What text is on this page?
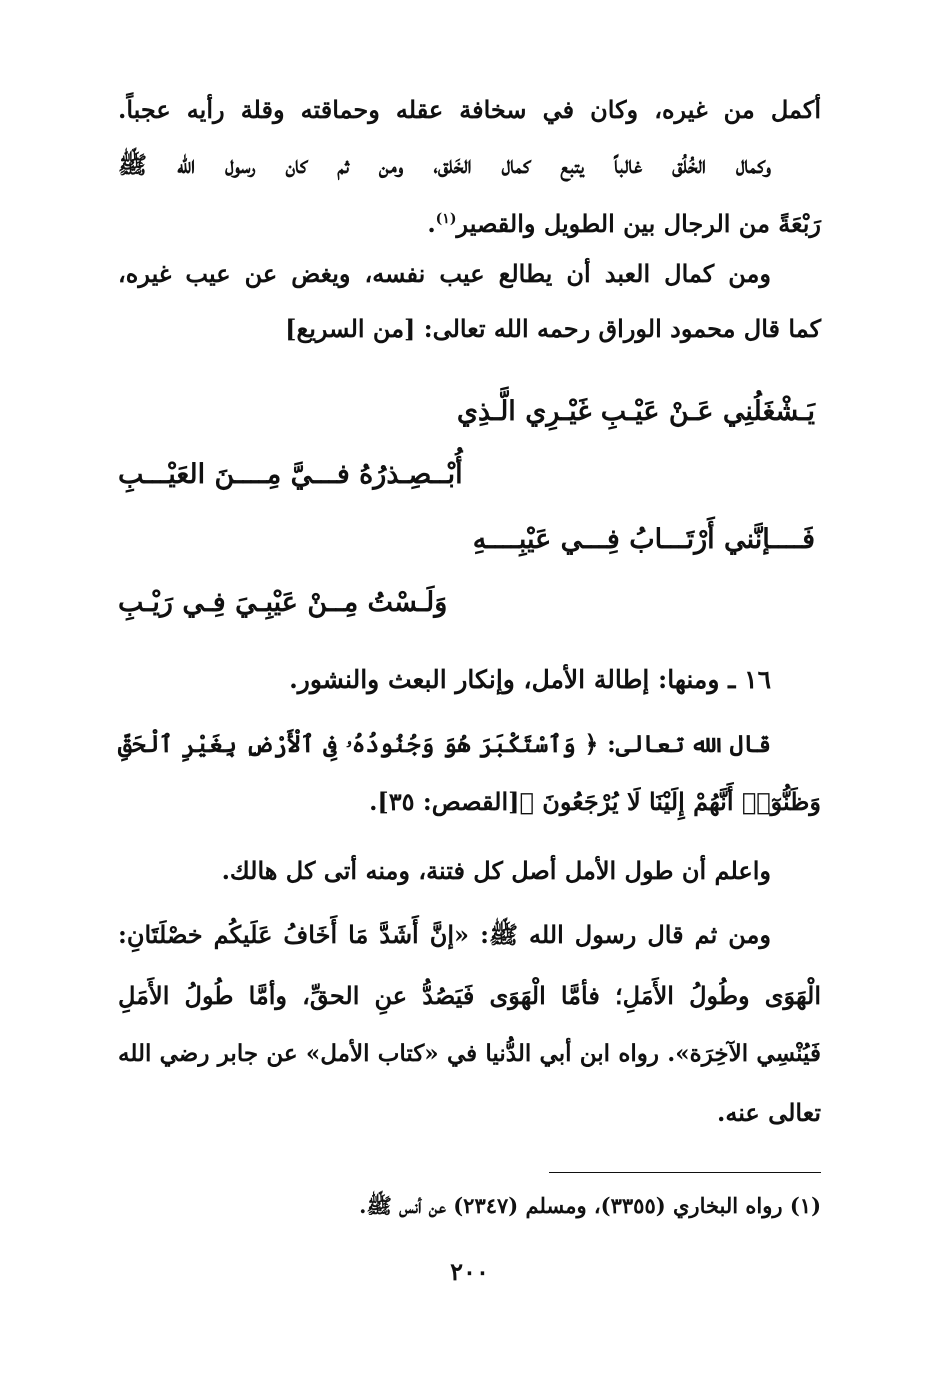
أكمل من غيره، وكان في سخافة عقله وحماقته وقلة رأيه عجباً.
وكمال الخُلُق غالباً يتبع كمال الخَلق، ومن ثم كان رسول الله ﷺ
رَبْعَةً من الرجال بين الطويل والقصير$^{(١)}$.
ومن كمال العبد أن يطالع عيب نفسه، ويغض عن عيب غيره،
كما قال محمود الوراق رحمه الله تعالى: [من السريع]
يَـشْغَلُنِي عَـنْ عَيْـبِ غَيْـرِي الَّـذِي
أُبْــصِـذرُهُ فـــيَّ مِــــنَ العَيْـــبِ
فَــــإنَّني أَرْتَـــابُ فِـــي عَيْبِــــهِ
وَلَـسْتُ مِــنْ عَيْبِـيَ فِـي رَيْـبِ
١٦ ـ ومنها: إطالة الأمل، وإنكار البعث والنشور.
قال الله تعالى: ﴿ وَٱسْتَكْبَرَ هُوَ وَجُنُودُهُۥ فِى ٱلْأَرْضِ بِغَيْرِ ٱلْحَقِّ
وَظَنُّوٓا۟ أَنَّهُمْ إِلَيْنَا لَا يُرْجَعُونَ ﴾[القصص: ٣٥].
واعلم أن طول الأمل أصل كل فتنة، ومنه أتى كل هالك.
ومن ثم قال رسول الله ﷺ: «إنَّ أَشَدَّ مَا أَخَافُ عَلَيكُم خصْلَتَانِ:
الْهَوَى وطُولُ الأَمَلِ؛ فأمَّا الْهَوَى فَيَصُدُّ عنِ الحقِّ، وأمَّا طُولُ الأَمَلِ
فَيُنْسِي الآخِرَة». رواه ابن أبي الدُّنيا في «كتاب الأمل» عن جابر رضي الله
تعالى عنه.
(١) رواه البخاري (٣٣٥٥)، ومسلم (٢٣٤٧) عن أنس ﷺ.
٢٠٠
